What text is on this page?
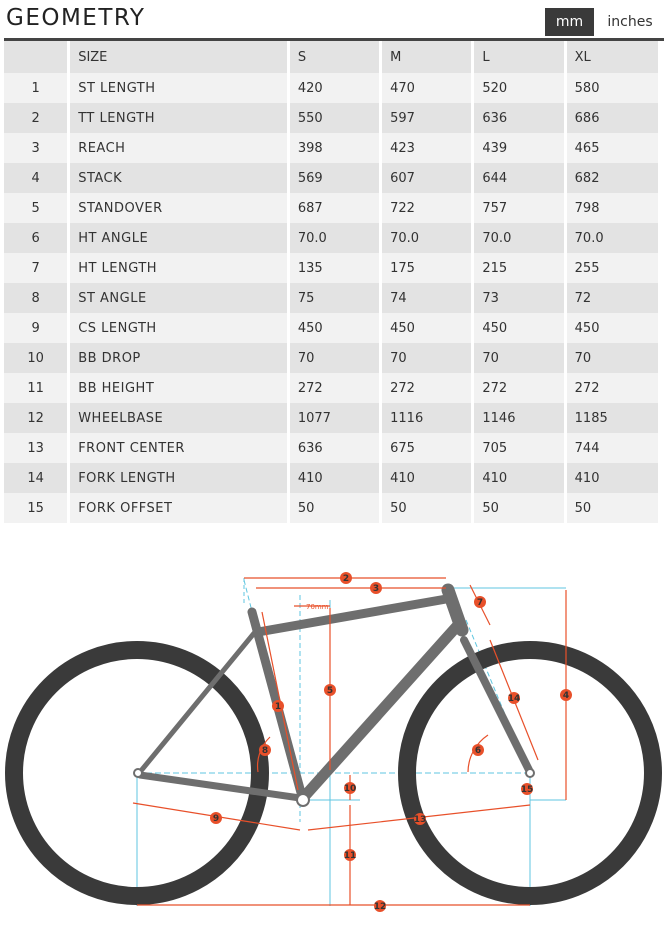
GEOMETRY	mm	inches
	SIZE	S	M	L	XL
1	ST LENGTH	420	470	520	580
2	TT LENGTH	550	597	636	686
3	REACH	398	423	439	465
4	STACK	569	607	644	682
5	STANDOVER	687	722	757	798
6	HT ANGLE	70.0	70.0	70.0	70.0
7	HT LENGTH	135	175	215	255
8	ST ANGLE	75	74	73	72
9	CS LENGTH	450	450	450	450
10	BB DROP	70	70	70	70
11	BB HEIGHT	272	272	272	272
12	WHEELBASE	1077	1116	1146	1185
13	FRONT CENTER	636	675	705	744
14	FORK LENGTH	410	410	410	410
15	FORK OFFSET	50	50	50	50
70mm
1
2
3
4
5
6
7
8
9
10
11
12
13
14
15
